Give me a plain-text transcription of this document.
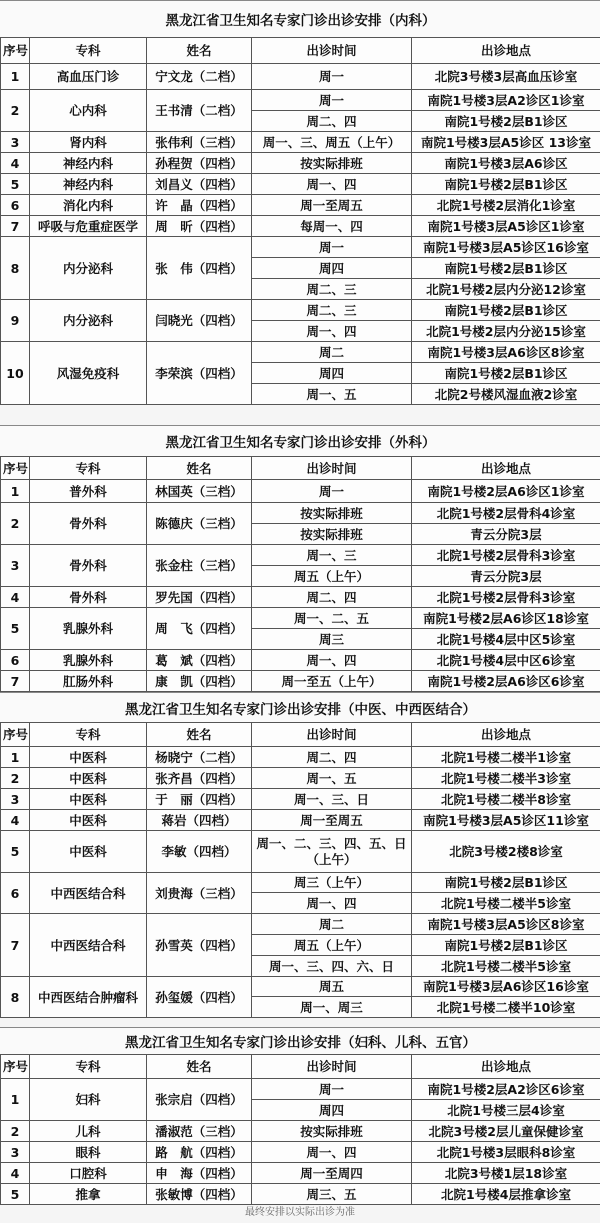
黑龙江省卫生知名专家门诊出诊安排（内科）
序号	专科	姓名	出诊时间	出诊地点
1	高血压门诊	宁文龙（二档）	周一	北院3号楼3层高血压诊室
2	心内科	王书清（二档）	周一	南院1号楼3层A2诊区1诊室
			周二、四	南院1号楼2层B1诊区
3	肾内科	张伟利（三档）	周一、三、周五（上午）	南院1号楼3层A5诊区 13诊室
4	神经内科	孙程贺（四档）	按实际排班	南院1号楼3层A6诊区
5	神经内科	刘昌义（四档）	周一、四	南院1号楼2层B1诊区
6	消化内科	许　晶（四档）	周一至周五	北院1号楼2层消化1诊室
7	呼吸与危重症医学	周　昕（四档）	每周一、四	南院1号楼3层A5诊区1诊室
8	内分泌科	张　伟（四档）	周一	南院1号楼3层A5诊区16诊室
			周四	南院1号楼2层B1诊区
			周二、三	北院1号楼2层内分泌12诊室
9	内分泌科	闫晓光（四档）	周二、三	南院1号楼2层B1诊区
			周一、四	北院1号楼2层内分泌15诊室
10	风湿免疫科	李荣滨（四档）	周二	南院1号楼3层A6诊区8诊室
			周四	南院1号楼2层B1诊区
			周一、五	北院2号楼风湿血液2诊室
黑龙江省卫生知名专家门诊出诊安排（外科）
序号	专科	姓名	出诊时间	出诊地点
1	普外科	林国英（三档）	周一	南院1号楼2层A6诊区1诊室
2	骨外科	陈德庆（三档）	按实际排班	北院1号楼2层骨科4诊室
			按实际排班	青云分院3层
3	骨外科	张金柱（三档）	周一、三	北院1号楼2层骨科3诊室
			周五（上午）	青云分院3层
4	骨外科	罗先国（四档）	周二、四	北院1号楼2层骨科3诊室
5	乳腺外科	周　飞（四档）	周一、二、五	南院1号楼2层A6诊区18诊室
			周三	北院1号楼4层中区5诊室
6	乳腺外科	葛　斌（四档）	周一、四	北院1号楼4层中区6诊室
7	肛肠外科	康　凯（四档）	周一至五（上午）	南院1号楼2层A6诊区6诊室
黑龙江省卫生知名专家门诊出诊安排（中医、中西医结合）
序号	专科	姓名	出诊时间	出诊地点
1	中医科	杨晓宁（二档）	周二、四	北院1号楼二楼半1诊室
2	中医科	张齐昌（四档）	周一、五	北院1号楼二楼半3诊室
3	中医科	于　丽（四档）	周一、三、日	北院1号楼二楼半8诊室
4	中医科	蒋岩（四档）	周一至周五	南院1号楼3层A5诊区11诊室
5	中医科	李敏（四档）	周一、二、三、四、五、日（上午）	北院3号楼2楼8诊室
6	中西医结合科	刘贵海（三档）	周三（上午）	南院1号楼2层B1诊区
			周一、四	北院1号楼二楼半5诊室
7	中西医结合科	孙雪英（四档）	周二	南院1号楼3层A5诊区8诊室
			周五（上午）	南院1号楼2层B1诊区
			周一、三、四、六、日	北院1号楼二楼半5诊室
8	中西医结合肿瘤科	孙玺媛（四档）	周五	南院1号楼3层A6诊区16诊室
			周一、周三	北院1号楼二楼半10诊室
黑龙江省卫生知名专家门诊出诊安排（妇科、儿科、五官）
序号	专科	姓名	出诊时间	出诊地点
1	妇科	张宗启（四档）	周一	南院1号楼2层A2诊区6诊室
			周四	北院1号楼三层4诊室
2	儿科	潘淑范（三档）	按实际排班	北院3号楼2层儿童保健诊室
3	眼科	路　航（四档）	周一、四	北院1号楼3层眼科8诊室
4	口腔科	申　海（四档）	周一至周四	北院3号楼1层18诊室
5	推拿	张敏博（四档）	周三、五	北院1号楼4层推拿诊室
最终安排以实际出诊为准
